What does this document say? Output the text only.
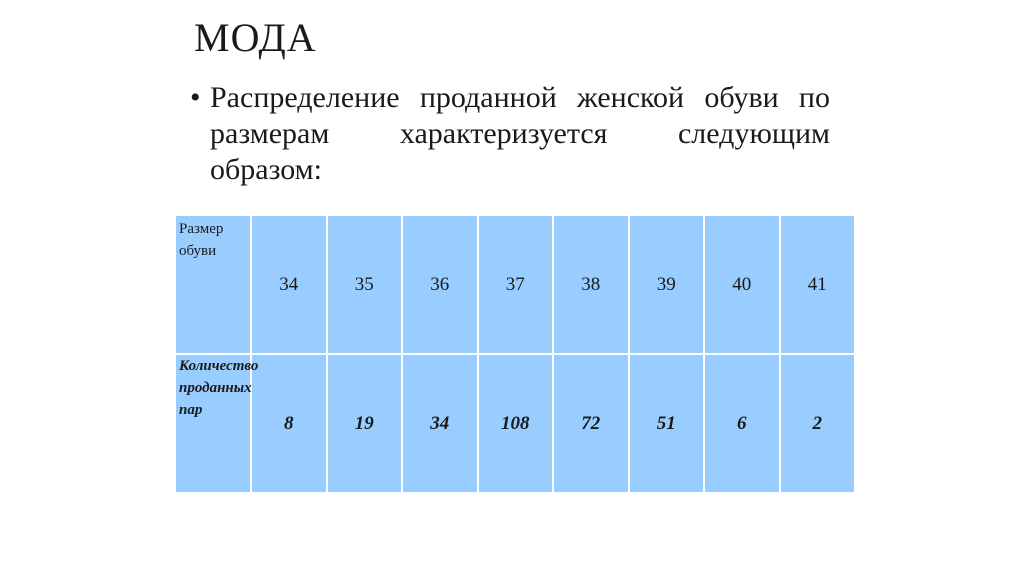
МОДА
• Распределение проданной женской обуви по размерам характеризуется следующим образом:
Размер обуви	34	35	36	37	38	39	40	41
Количество проданных пар	8	19	34	108	72	51	6	2
